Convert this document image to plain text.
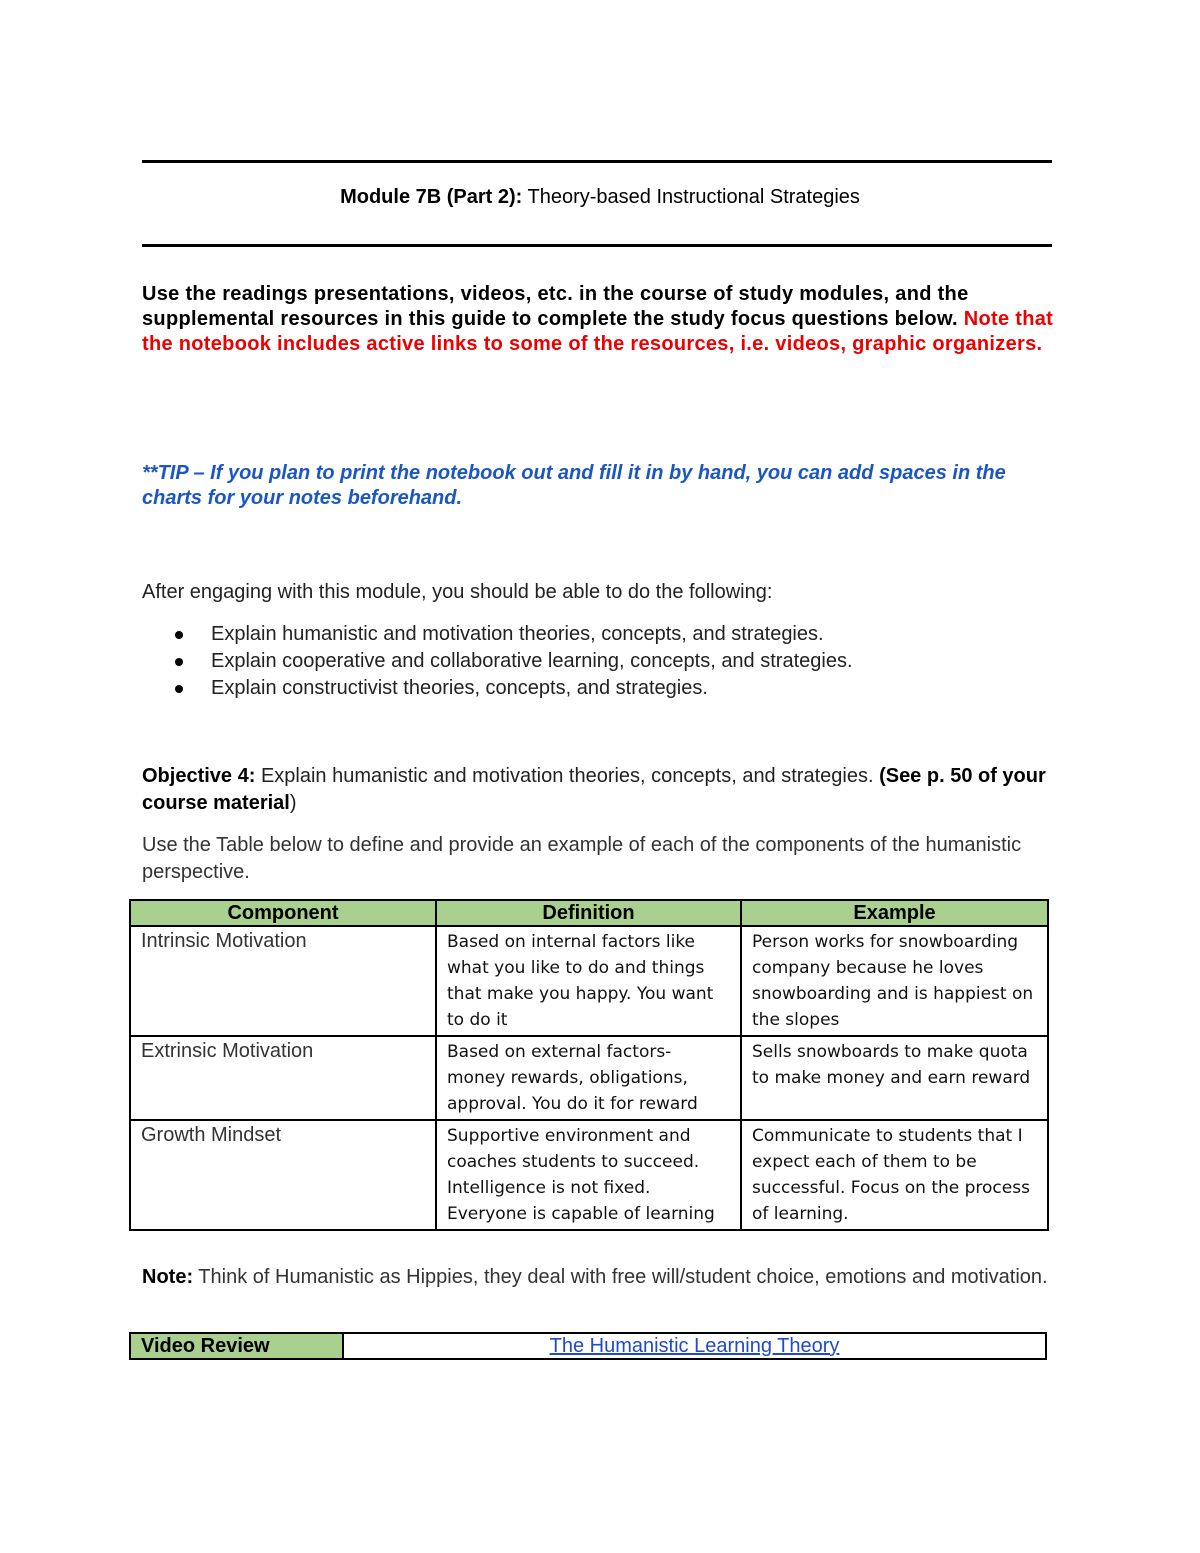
Module 7B (Part 2): Theory-based Instructional Strategies
Use the readings presentations, videos, etc. in the course of study modules, and the supplemental resources in this guide to complete the study focus questions below. Note that the notebook includes active links to some of the resources, i.e. videos, graphic organizers.
**TIP – If you plan to print the notebook out and fill it in by hand, you can add spaces in the charts for your notes beforehand.
After engaging with this module, you should be able to do the following:
Explain humanistic and motivation theories, concepts, and strategies.
Explain cooperative and collaborative learning, concepts, and strategies.
Explain constructivist theories, concepts, and strategies.
Objective 4: Explain humanistic and motivation theories, concepts, and strategies. (See p. 50 of your course material)
Use the Table below to define and provide an example of each of the components of the humanistic perspective.
Component	Definition	Example
Intrinsic Motivation	Based on internal factors like what you like to do and things that make you happy. You want to do it	Person works for snowboarding company because he loves snowboarding and is happiest on the slopes
Extrinsic Motivation	Based on external factors- money rewards, obligations, approval. You do it for reward	Sells snowboards to make quota to make money and earn reward
Growth Mindset	Supportive environment and coaches students to succeed. Intelligence is not fixed. Everyone is capable of learning	Communicate to students that I expect each of them to be successful. Focus on the process of learning.
Note: Think of Humanistic as Hippies, they deal with free will/student choice, emotions and motivation.
Video Review	The Humanistic Learning Theory
